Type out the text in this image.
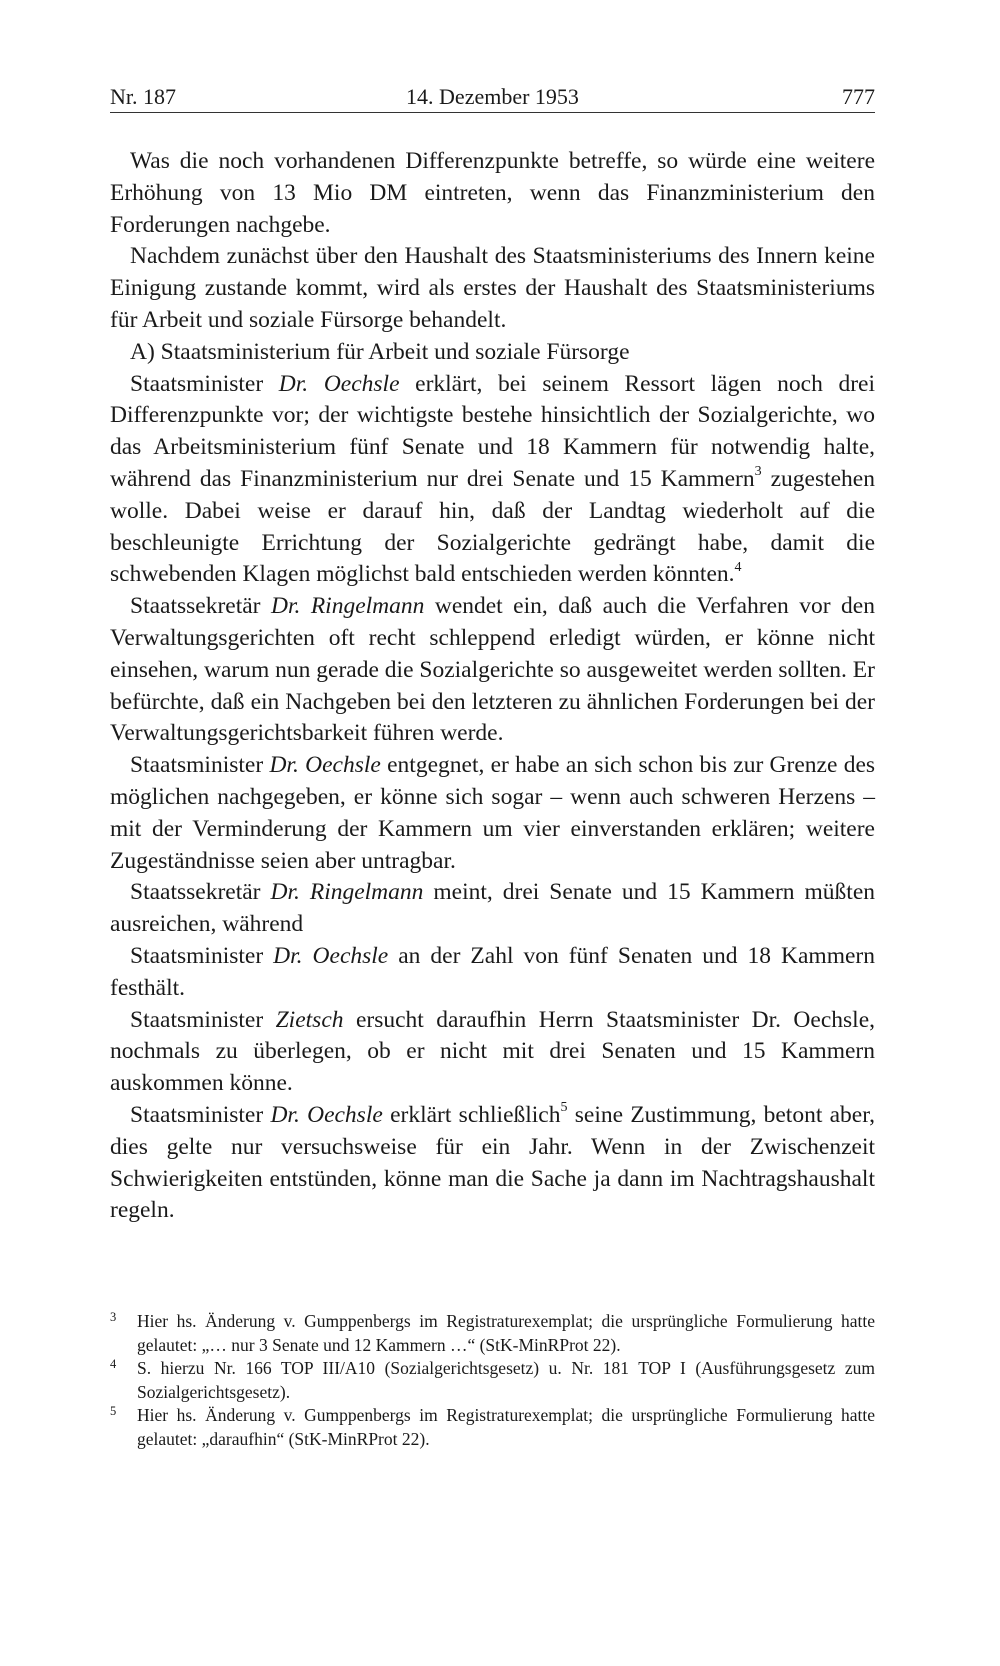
Nr. 187	14. Dezember 1953	777

Was die noch vorhandenen Differenzpunkte betreffe, so würde eine weitere Erhöhung von 13 Mio DM eintreten, wenn das Finanzministerium den Forderungen nachgebe.

Nachdem zunächst über den Haushalt des Staatsministeriums des Innern keine Einigung zustande kommt, wird als erstes der Haushalt des Staatsministeriums für Arbeit und soziale Fürsorge behandelt.

A) Staatsministerium für Arbeit und soziale Fürsorge

Staatsminister Dr. Oechsle erklärt, bei seinem Ressort lägen noch drei Differenzpunkte vor; der wichtigste bestehe hinsichtlich der Sozialgerichte, wo das Arbeitsministerium fünf Senate und 18 Kammern für notwendig halte, während das Finanzministerium nur drei Senate und 15 Kammern$^3$ zugestehen wolle. Dabei weise er darauf hin, daß der Landtag wiederholt auf die beschleunigte Errichtung der Sozialgerichte gedrängt habe, damit die schwebenden Klagen möglichst bald entschieden werden könnten.$^4$

Staatssekretär Dr. Ringelmann wendet ein, daß auch die Verfahren vor den Verwaltungsgerichten oft recht schleppend erledigt würden, er könne nicht einsehen, warum nun gerade die Sozialgerichte so ausgeweitet werden sollten. Er befürchte, daß ein Nachgeben bei den letzteren zu ähnlichen Forderungen bei der Verwaltungsgerichtsbarkeit führen werde.

Staatsminister Dr. Oechsle entgegnet, er habe an sich schon bis zur Grenze des möglichen nachgegeben, er könne sich sogar – wenn auch schweren Herzens – mit der Verminderung der Kammern um vier einverstanden erklären; weitere Zugeständnisse seien aber untragbar.

Staatssekretär Dr. Ringelmann meint, drei Senate und 15 Kammern müßten ausreichen, während

Staatsminister Dr. Oechsle an der Zahl von fünf Senaten und 18 Kammern festhält.

Staatsminister Zietsch ersucht daraufhin Herrn Staatsminister Dr. Oechsle, nochmals zu überlegen, ob er nicht mit drei Senaten und 15 Kammern auskommen könne.

Staatsminister Dr. Oechsle erklärt schließlich$^5$ seine Zustimmung, betont aber, dies gelte nur versuchsweise für ein Jahr. Wenn in der Zwischenzeit Schwierigkeiten entstünden, könne man die Sache ja dann im Nachtragshaushalt regeln.

3 Hier hs. Änderung v. Gumppenbergs im Registraturexemplat; die ursprüngliche Formulierung hatte gelautet: „… nur 3 Senate und 12 Kammern …“ (StK-MinRProt 22).
4 S. hierzu Nr. 166 TOP III/A10 (Sozialgerichtsgesetz) u. Nr. 181 TOP I (Ausführungsgesetz zum Sozialgerichtsgesetz).
5 Hier hs. Änderung v. Gumppenbergs im Registraturexemplat; die ursprüngliche Formulierung hatte gelautet: „daraufhin“ (StK-MinRProt 22).
